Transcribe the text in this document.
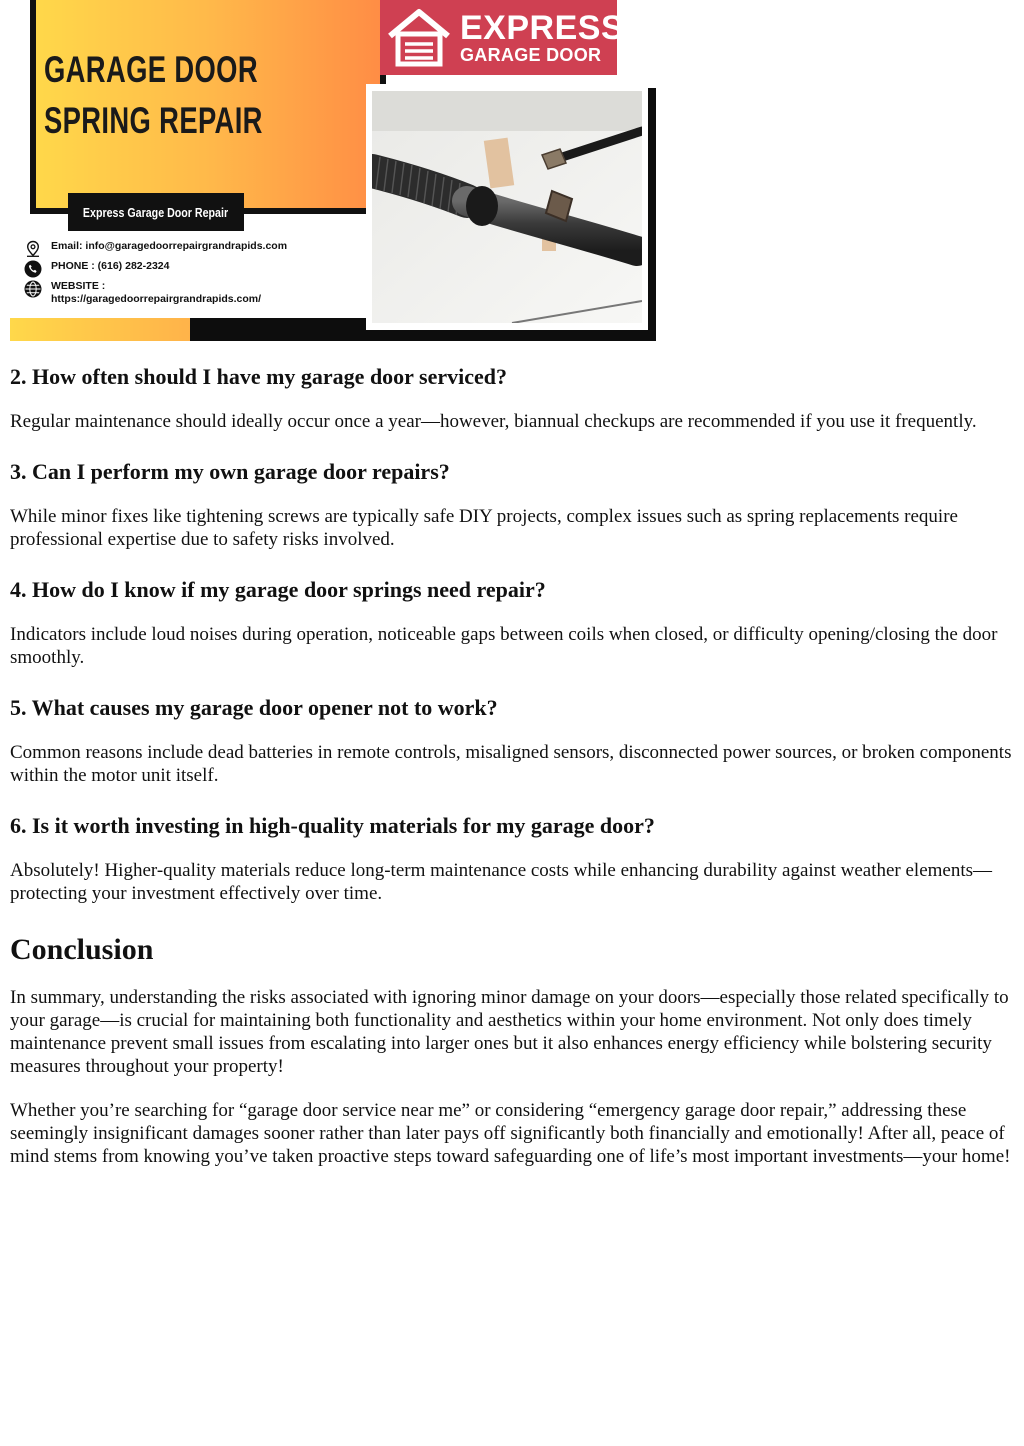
GARAGE DOOR
SPRING REPAIR
Express Garage Door Repair
Email: info@garagedoorrepairgrandrapids.com
PHONE : (616) 282-2324
WEBSITE :
https://garagedoorrepairgrandrapids.com/
EXPRESS
GARAGE DOOR
2. How often should I have my garage door serviced?

Regular maintenance should ideally occur once a year—however, biannual checkups are recommended if you use it frequently.

3. Can I perform my own garage door repairs?

While minor fixes like tightening screws are typically safe DIY projects, complex issues such as spring replacements require professional expertise due to safety risks involved.

4. How do I know if my garage door springs need repair?

Indicators include loud noises during operation, noticeable gaps between coils when closed, or difficulty opening/closing the door smoothly.

5. What causes my garage door opener not to work?

Common reasons include dead batteries in remote controls, misaligned sensors, disconnected power sources, or broken components within the motor unit itself.

6. Is it worth investing in high-quality materials for my garage door?

Absolutely! Higher-quality materials reduce long-term maintenance costs while enhancing durability against weather elements—protecting your investment effectively over time.

Conclusion

In summary, understanding the risks associated with ignoring minor damage on your doors—especially those related specifically to your garage—is crucial for maintaining both functionality and aesthetics within your home environment. Not only does timely maintenance prevent small issues from escalating into larger ones but it also enhances energy efficiency while bolstering security measures throughout your property!

Whether you’re searching for “garage door service near me” or considering “emergency garage door repair,” addressing these seemingly insignificant damages sooner rather than later pays off significantly both financially and emotionally! After all, peace of mind stems from knowing you’ve taken proactive steps toward safeguarding one of life’s most important investments—your home!
